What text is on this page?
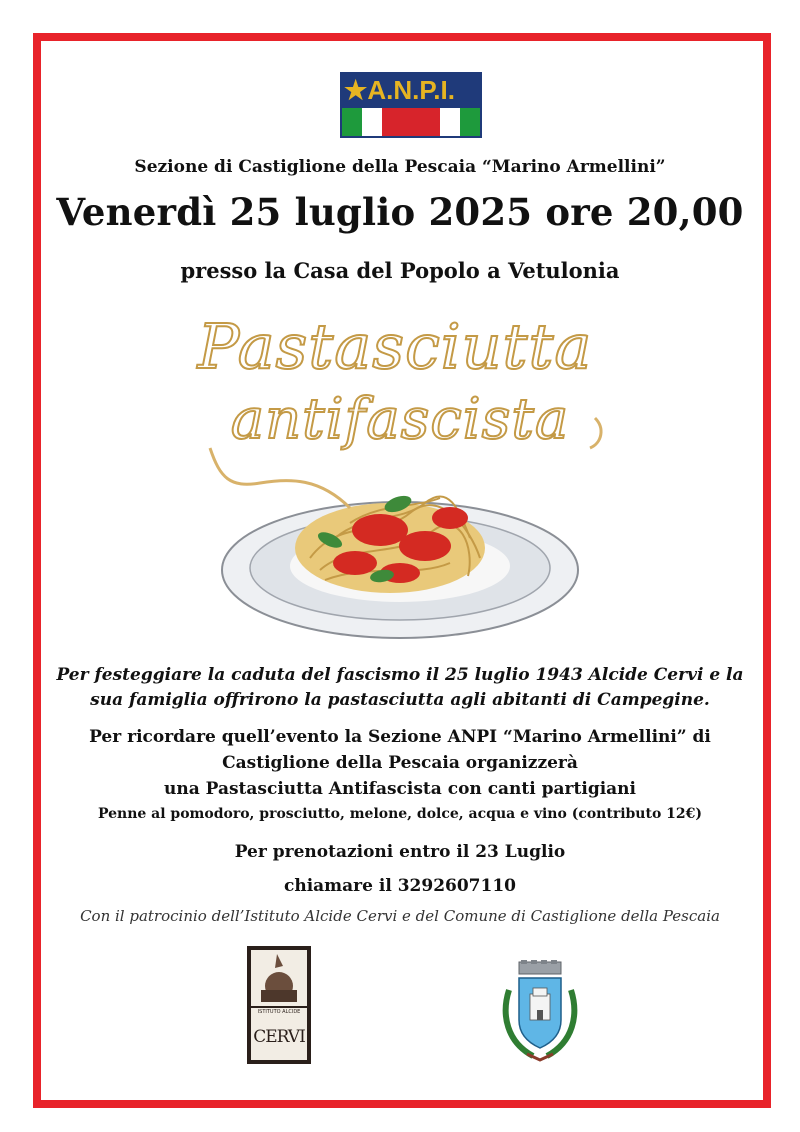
★A.N.P.I.
Sezione di Castiglione della Pescaia “Marino Armellini”
Venerdì 25 luglio 2025 ore 20,00
presso la Casa del Popolo a Vetulonia
Pastasciutta
antifascista
Per festeggiare la caduta del fascismo il 25 luglio 1943 Alcide Cervi e la
sua famiglia offrirono la pastasciutta agli abitanti di Campegine.
Per ricordare quell’evento la Sezione ANPI “Marino Armellini” di
Castiglione della Pescaia organizzerà
una Pastasciutta Antifascista con canti partigiani
Penne al pomodoro, prosciutto, melone, dolce, acqua e vino (contributo 12€)
Per prenotazioni entro il 23 Luglio
chiamare il 3292607110
Con il patrocinio dell’Istituto Alcide Cervi e del Comune di Castiglione della Pescaia
ISTITUTO ALCIDE
CERVI
